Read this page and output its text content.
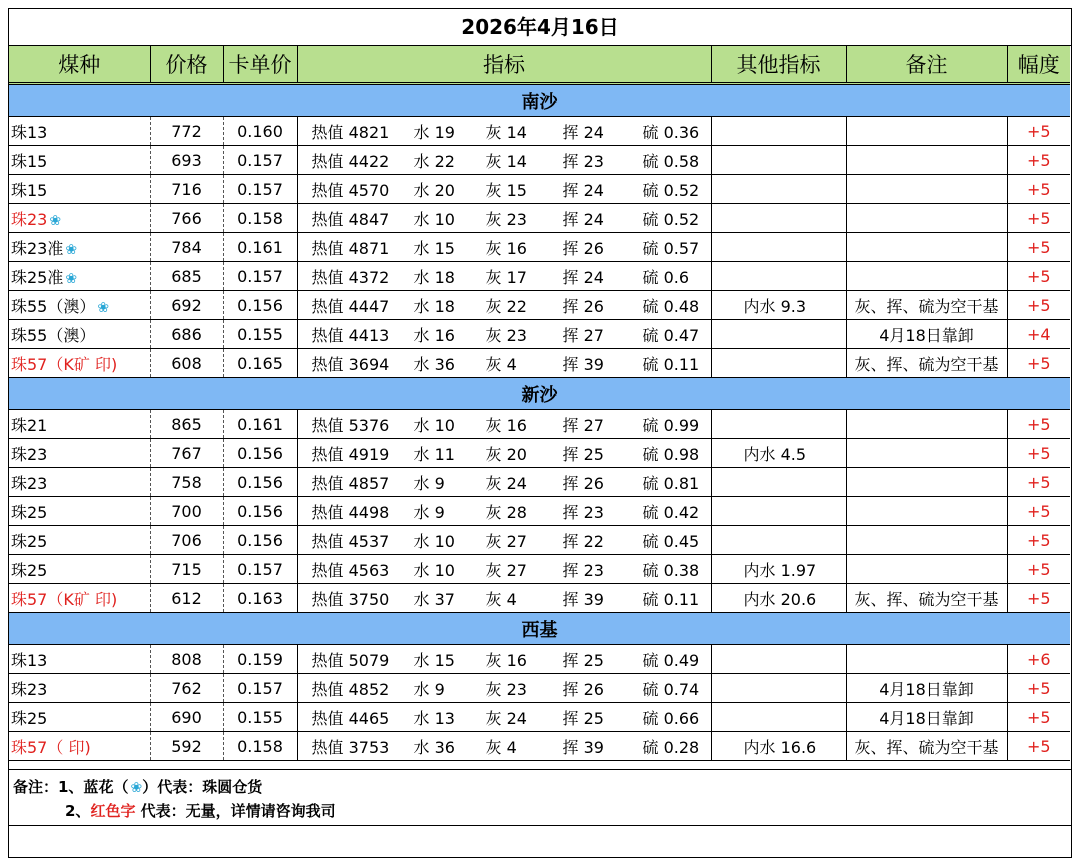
2026年4月16日
煤种	价格	卡单价	指标	其他指标	备注	幅度
南沙						
珠13	772	0.160	热值 4821 水 19 灰 14 挥 24 硫 0.36			+5
珠15	693	0.157	热值 4422 水 22 灰 14 挥 23 硫 0.58			+5
珠15	716	0.157	热值 4570 水 20 灰 15 挥 24 硫 0.52			+5
珠23 ❀	766	0.158	热值 4847 水 10 灰 23 挥 24 硫 0.52			+5
珠23准 ❀	784	0.161	热值 4871 水 15 灰 16 挥 26 硫 0.57			+5
珠25准 ❀	685	0.157	热值 4372 水 18 灰 17 挥 24 硫 0.6			+5
珠55（澳） ❀	692	0.156	热值 4447 水 18 灰 22 挥 26 硫 0.48	内水 9.3	灰、挥、硫为空干基	+5
珠55（澳）	686	0.155	热值 4413 水 16 灰 23 挥 27 硫 0.47		4月18日靠卸	+4
珠57（K矿 印)	608	0.165	热值 3694 水 36 灰 4 挥 39 硫 0.11		灰、挥、硫为空干基	+5
新沙						
珠21	865	0.161	热值 5376 水 10 灰 16 挥 27 硫 0.99			+5
珠23	767	0.156	热值 4919 水 11 灰 20 挥 25 硫 0.98	内水 4.5		+5
珠23	758	0.156	热值 4857 水 9 灰 24 挥 26 硫 0.81			+5
珠25	700	0.156	热值 4498 水 9 灰 28 挥 23 硫 0.42			+5
珠25	706	0.156	热值 4537 水 10 灰 27 挥 22 硫 0.45			+5
珠25	715	0.157	热值 4563 水 10 灰 27 挥 23 硫 0.38	内水 1.97		+5
珠57（K矿 印)	612	0.163	热值 3750 水 37 灰 4 挥 39 硫 0.11	内水 20.6	灰、挥、硫为空干基	+5
西基						
珠13	808	0.159	热值 5079 水 15 灰 16 挥 25 硫 0.49			+6
珠23	762	0.157	热值 4852 水 9 灰 23 挥 26 硫 0.74		4月18日靠卸	+5
珠25	690	0.155	热值 4465 水 13 灰 24 挥 25 硫 0.66		4月18日靠卸	+5
珠57（ 印)	592	0.158	热值 3753 水 36 灰 4 挥 39 硫 0.28	内水 16.6	灰、挥、硫为空干基	+5
备注：1、蓝花（ ❀）代表：珠圆仓货
2、红色字 代表：无量，详情请咨询我司
